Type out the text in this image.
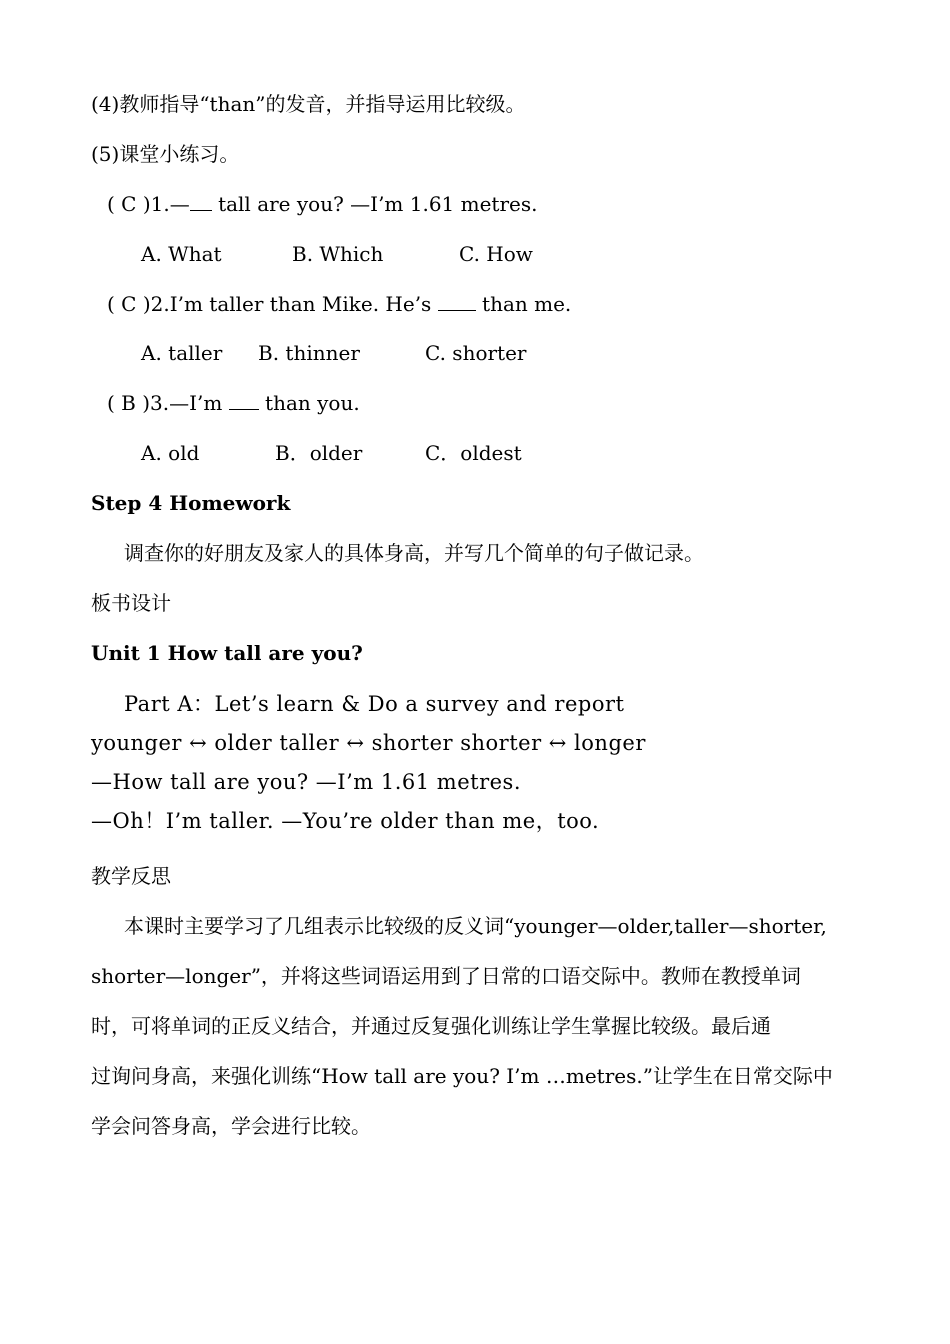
(4)教师指导“than”的发音，并指导运用比较级。
(5)课堂小练习。
( C )1.— tall are you? —I’m 1.61 metres.
A. What	B. Which	C. How
( C )2.I’m taller than Mike. He’s  than me.
A. taller B. thinner	C. shorter
( B )3.—I’m  than you.
A. old	B．older	C．oldest
Step 4 Homework
调查你的好朋友及家人的具体身高，并写几个简单的句子做记录。
板书设计
Unit 1 How tall are you?
Part A：Let’s learn & Do a survey and report
younger ↔ older taller ↔ shorter shorter ↔ longer
—How tall are you? —I’m 1.61 metres.
—Oh！I’m taller. —You’re older than me，too.
教学反思
本课时主要学习了几组表示比较级的反义词“younger—older,taller—shorter,
shorter—longer”，并将这些词语运用到了日常的口语交际中。教师在教授单词
时，可将单词的正反义结合，并通过反复强化训练让学生掌握比较级。最后通
过询问身高，来强化训练“How tall are you? I’m …metres.”让学生在日常交际中
学会问答身高，学会进行比较。
